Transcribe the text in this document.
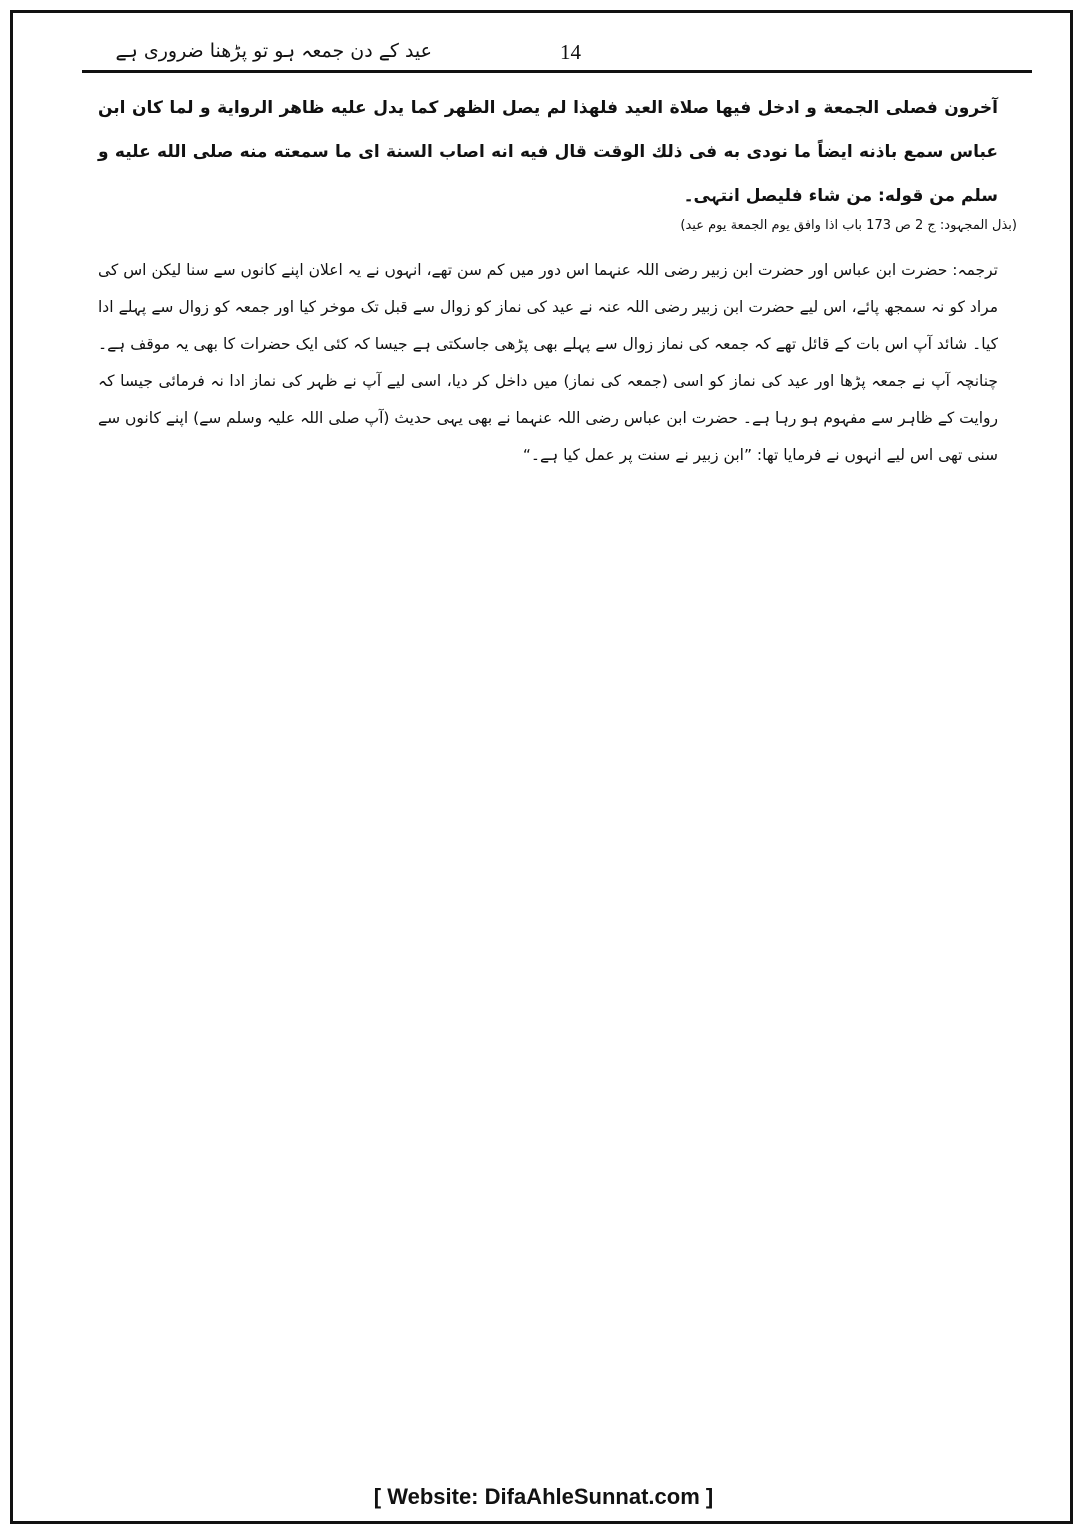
14
عید کے دن جمعہ ہو تو پڑھنا ضروری ہے
آخرون فصلی الجمعة و ادخل فیها صلاة العید فلهذا لم یصل الظهر کما یدل علیه ظاهر الروایة و لما کان ابن عباس سمع باذنه ایضاً ما نودی به فی ذلك الوقت قال فیه انه اصاب السنة ای ما سمعته منه صلی الله علیه و سلم من قوله: من شاء فلیصل انتہی۔
(بذل المجہود: ج 2 ص 173 باب اذا وافق یوم الجمعة یوم عید)
ترجمہ: حضرت ابن عباس اور حضرت ابن زبیر رضی اللہ عنہما اس دور میں کم سن تھے، انہوں نے یہ اعلان اپنے کانوں سے سنا لیکن اس کی مراد کو نہ سمجھ پائے، اس لیے حضرت ابن زبیر رضی اللہ عنہ نے عید کی نماز کو زوال سے قبل تک موخر کیا اور جمعہ کو زوال سے پہلے ادا کیا۔ شائد آپ اس بات کے قائل تھے کہ جمعہ کی نماز زوال سے پہلے بھی پڑھی جاسکتی ہے جیسا کہ کئی ایک حضرات کا بھی یہ موقف ہے۔ چنانچہ آپ نے جمعہ پڑھا اور عید کی نماز کو اسی (جمعہ کی نماز) میں داخل کر دیا، اسی لیے آپ نے ظہر کی نماز ادا نہ فرمائی جیسا کہ روایت کے ظاہر سے مفہوم ہو رہا ہے۔ حضرت ابن عباس رضی اللہ عنہما نے بھی یہی حدیث (آپ صلی اللہ علیہ وسلم سے) اپنے کانوں سے سنی تھی اس لیے انہوں نے فرمایا تھا: ”ابن زبیر نے سنت پر عمل کیا ہے۔“
[ Website: DifaAhleSunnat.com ]
